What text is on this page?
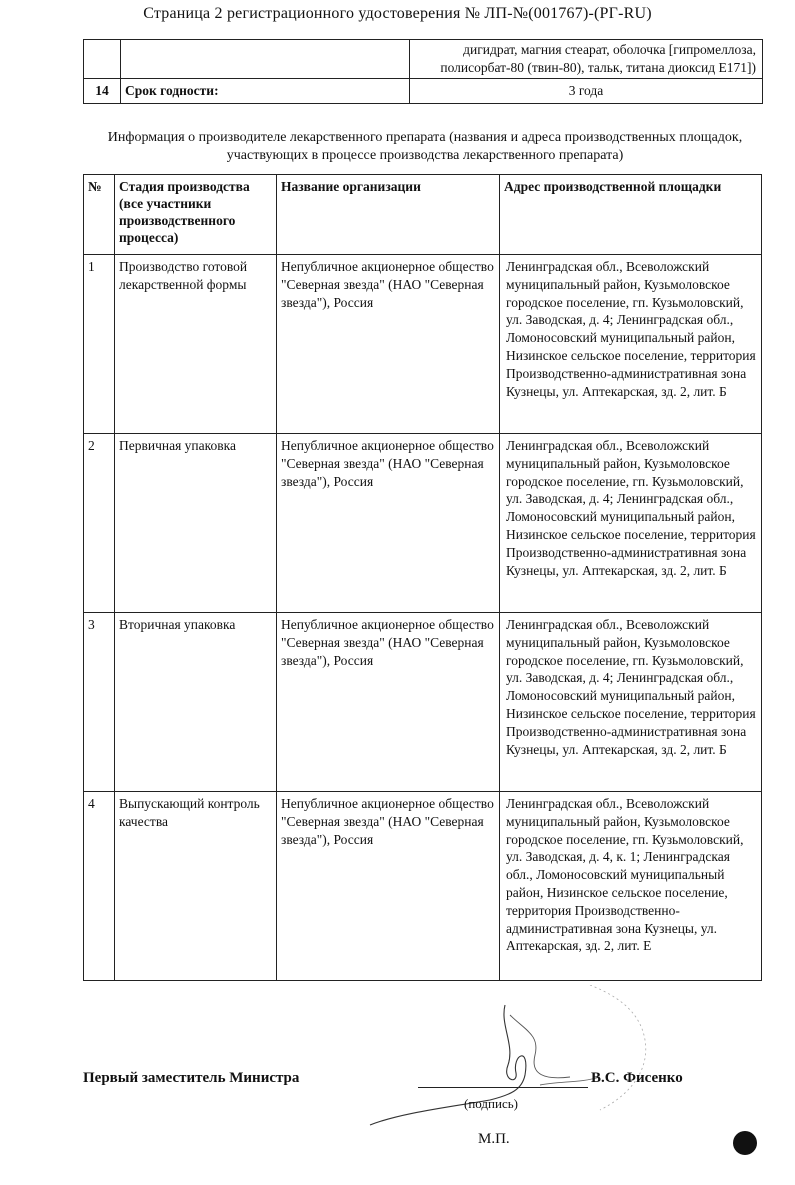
Страница 2 регистрационного удостоверения № ЛП-№(001767)-(РГ-RU)

		дигидрат, магния стеарат, оболочка [гипромеллоза,
полисорбат-80 (твин-80), тальк, титана диоксид Е171])

14	Срок годности:	3 года
Информация о производителе лекарственного препарата (названия и адреса производственных площадок,
участвующих в процессе производства лекарственного препарата)
№	Стадия производства (все участники производственного процесса)	Название организации	Адрес производственной площадки
1	Производство готовой лекарственной формы	Непубличное акционерное общество "Северная звезда" (НАО "Северная звезда"), Россия	Ленинградская обл., Всеволожский муниципальный район, Кузьмоловское городское поселение, гп. Кузьмоловский, ул. Заводская, д. 4; Ленинградская обл., Ломоносовский муниципальный район, Низинское сельское поселение, территория Производственно-административная зона Кузнецы, ул. Аптекарская, зд. 2, лит. Б
2	Первичная упаковка	Непубличное акционерное общество "Северная звезда" (НАО "Северная звезда"), Россия	Ленинградская обл., Всеволожский муниципальный район, Кузьмоловское городское поселение, гп. Кузьмоловский, ул. Заводская, д. 4; Ленинградская обл., Ломоносовский муниципальный район, Низинское сельское поселение, территория Производственно-административная зона Кузнецы, ул. Аптекарская, зд. 2, лит. Б
3	Вторичная упаковка	Непубличное акционерное общество "Северная звезда" (НАО "Северная звезда"), Россия	Ленинградская обл., Всеволожский муниципальный район, Кузьмоловское городское поселение, гп. Кузьмоловский, ул. Заводская, д. 4; Ленинградская обл., Ломоносовский муниципальный район, Низинское сельское поселение, территория Производственно-административная зона Кузнецы, ул. Аптекарская, зд. 2, лит. Б
4	Выпускающий контроль качества	Непубличное акционерное общество "Северная звезда" (НАО "Северная звезда"), Россия	Ленинградская обл., Всеволожский муниципальный район, Кузьмоловское городское поселение, гп. Кузьмоловский, ул. Заводская, д. 4, к. 1; Ленинградская обл., Ломоносовский муниципальный район, Низинское сельское поселение, территория Производственно-административная зона Кузнецы, ул. Аптекарская, зд. 2, лит. Е
Первый заместитель Министра
(подпись)
В.С. Фисенко
М.П.
